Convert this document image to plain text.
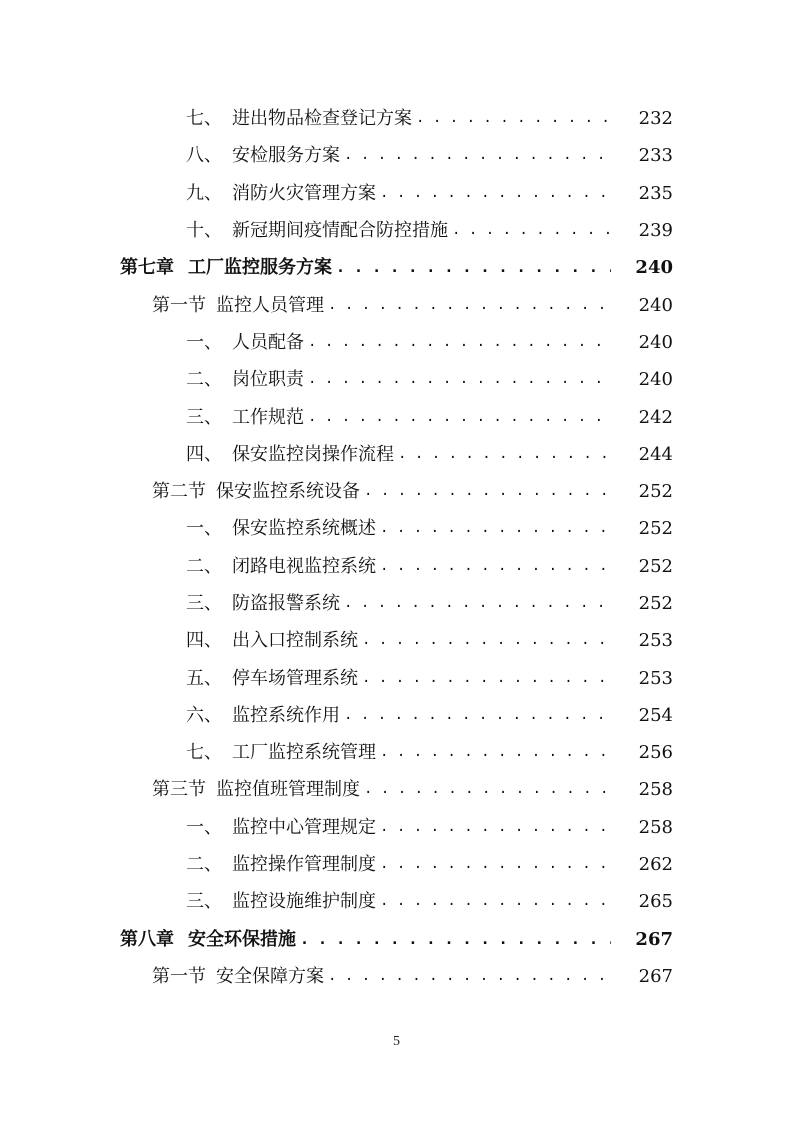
七、 进出物品检查登记方案 . . .	232
八、 安检服务方案 . . .	233
九、 消防火灾管理方案 . . .	235
十、 新冠期间疫情配合防控措施 . . .	239
第七章 工厂监控服务方案 . . .	240
第一节 监控人员管理 . . .	240
一、 人员配备 . . .	240
二、 岗位职责 . . .	240
三、 工作规范 . . .	242
四、 保安监控岗操作流程 . . .	244
第二节 保安监控系统设备 . . .	252
一、 保安监控系统概述 . . .	252
二、 闭路电视监控系统 . . .	252
三、 防盗报警系统 . . .	252
四、 出入口控制系统 . . .	253
五、 停车场管理系统 . . .	253
六、 监控系统作用 . . .	254
七、 工厂监控系统管理 . . .	256
第三节 监控值班管理制度 . . .	258
一、 监控中心管理规定 . . .	258
二、 监控操作管理制度 . . .	262
三、 监控设施维护制度 . . .	265
第八章 安全环保措施 . . .	267
第一节 安全保障方案 . . .	267
5
